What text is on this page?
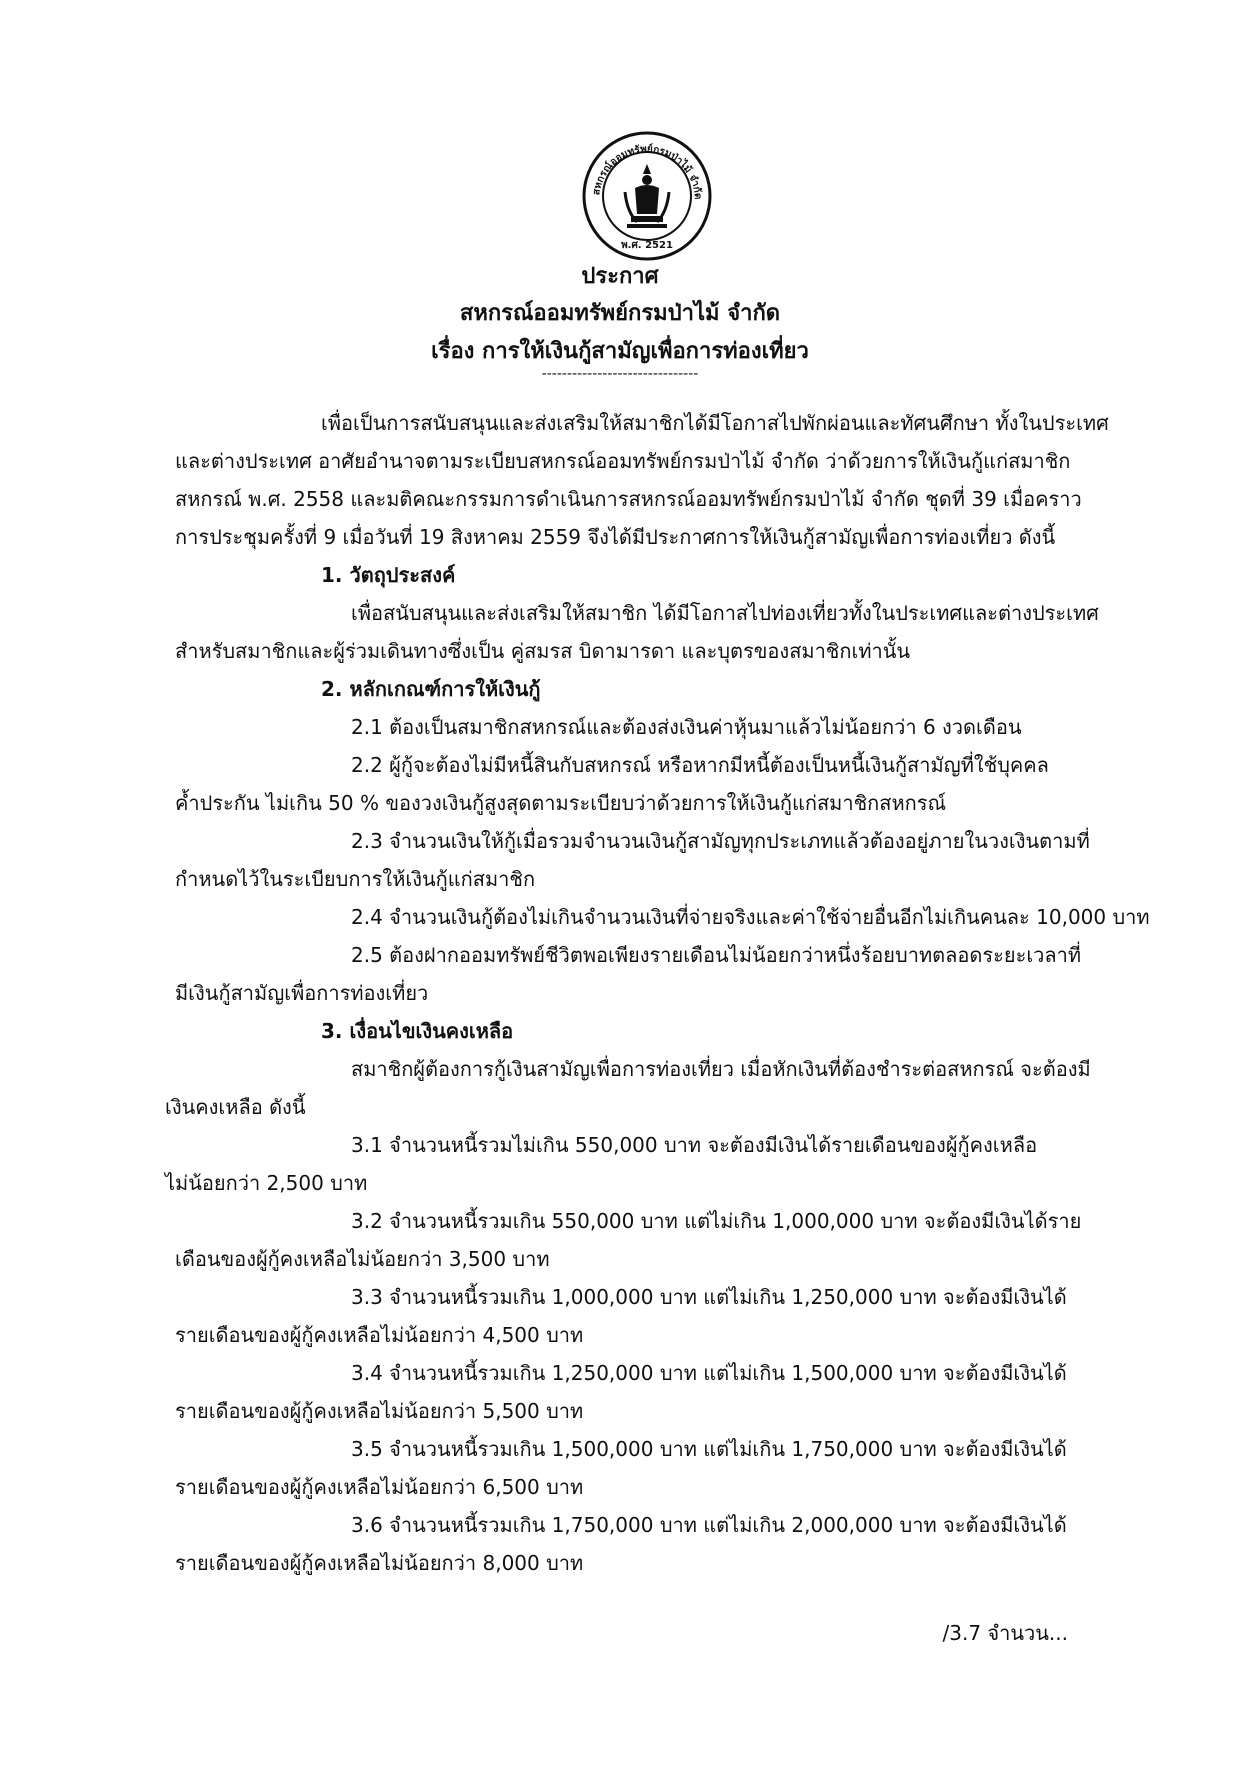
สหกรณ์ออมทรัพย์กรมป่าไม้ จำกัด
พ.ศ. 2521
ประกาศ
สหกรณ์ออมทรัพย์กรมป่าไม้ จำกัด
เรื่อง การให้เงินกู้สามัญเพื่อการท่องเที่ยว
-------------------------------
เพื่อเป็นการสนับสนุนและส่งเสริมให้สมาชิกได้มีโอกาสไปพักผ่อนและทัศนศึกษา ทั้งในประเทศ
และต่างประเทศ อาศัยอำนาจตามระเบียบสหกรณ์ออมทรัพย์กรมป่าไม้ จำกัด ว่าด้วยการให้เงินกู้แก่สมาชิก
สหกรณ์ พ.ศ. 2558 และมติคณะกรรมการดำเนินการสหกรณ์ออมทรัพย์กรมป่าไม้ จำกัด ชุดที่ 39 เมื่อคราว
การประชุมครั้งที่ 9 เมื่อวันที่ 19 สิงหาคม 2559 จึงได้มีประกาศการให้เงินกู้สามัญเพื่อการท่องเที่ยว ดังนี้
1. วัตถุประสงค์
เพื่อสนับสนุนและส่งเสริมให้สมาชิก ได้มีโอกาสไปท่องเที่ยวทั้งในประเทศและต่างประเทศ
สำหรับสมาชิกและผู้ร่วมเดินทางซึ่งเป็น คู่สมรส บิดามารดา และบุตรของสมาชิกเท่านั้น
2. หลักเกณฑ์การให้เงินกู้
2.1 ต้องเป็นสมาชิกสหกรณ์และต้องส่งเงินค่าหุ้นมาแล้วไม่น้อยกว่า 6 งวดเดือน
2.2 ผู้กู้จะต้องไม่มีหนี้สินกับสหกรณ์ หรือหากมีหนี้ต้องเป็นหนี้เงินกู้สามัญที่ใช้บุคคล
ค้ำประกัน ไม่เกิน 50 % ของวงเงินกู้สูงสุดตามระเบียบว่าด้วยการให้เงินกู้แก่สมาชิกสหกรณ์
2.3 จำนวนเงินให้กู้เมื่อรวมจำนวนเงินกู้สามัญทุกประเภทแล้วต้องอยู่ภายในวงเงินตามที่
กำหนดไว้ในระเบียบการให้เงินกู้แก่สมาชิก
2.4 จำนวนเงินกู้ต้องไม่เกินจำนวนเงินที่จ่ายจริงและค่าใช้จ่ายอื่นอีกไม่เกินคนละ 10,000 บาท
2.5 ต้องฝากออมทรัพย์ชีวิตพอเพียงรายเดือนไม่น้อยกว่าหนึ่งร้อยบาทตลอดระยะเวลาที่
มีเงินกู้สามัญเพื่อการท่องเที่ยว
3. เงื่อนไขเงินคงเหลือ
สมาชิกผู้ต้องการกู้เงินสามัญเพื่อการท่องเที่ยว เมื่อหักเงินที่ต้องชำระต่อสหกรณ์ จะต้องมี
เงินคงเหลือ ดังนี้
3.1 จำนวนหนี้รวมไม่เกิน 550,000 บาท จะต้องมีเงินได้รายเดือนของผู้กู้คงเหลือ
ไม่น้อยกว่า 2,500 บาท
3.2 จำนวนหนี้รวมเกิน 550,000 บาท แต่ไม่เกิน 1,000,000 บาท จะต้องมีเงินได้ราย
เดือนของผู้กู้คงเหลือไม่น้อยกว่า 3,500 บาท
3.3 จำนวนหนี้รวมเกิน 1,000,000 บาท แต่ไม่เกิน 1,250,000 บาท จะต้องมีเงินได้
รายเดือนของผู้กู้คงเหลือไม่น้อยกว่า 4,500 บาท
3.4 จำนวนหนี้รวมเกิน 1,250,000 บาท แต่ไม่เกิน 1,500,000 บาท จะต้องมีเงินได้
รายเดือนของผู้กู้คงเหลือไม่น้อยกว่า 5,500 บาท
3.5 จำนวนหนี้รวมเกิน 1,500,000 บาท แต่ไม่เกิน 1,750,000 บาท จะต้องมีเงินได้
รายเดือนของผู้กู้คงเหลือไม่น้อยกว่า 6,500 บาท
3.6 จำนวนหนี้รวมเกิน 1,750,000 บาท แต่ไม่เกิน 2,000,000 บาท จะต้องมีเงินได้
รายเดือนของผู้กู้คงเหลือไม่น้อยกว่า 8,000 บาท
/3.7 จำนวน...
